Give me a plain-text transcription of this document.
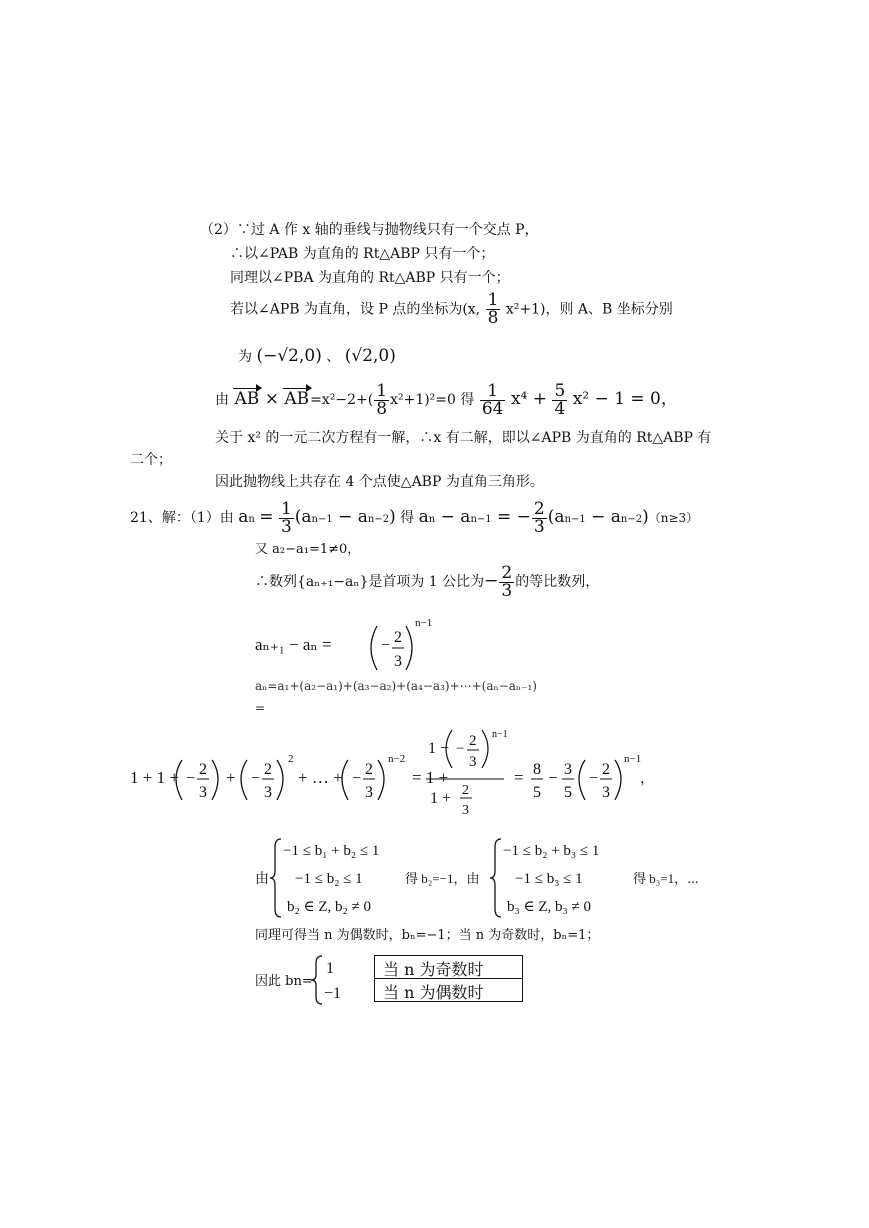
（2）∵过 A 作 x 轴的垂线与抛物线只有一个交点 P，
∴以∠PAB 为直角的 Rt△ABP 只有一个；
同理以∠PBA 为直角的 Rt△ABP 只有一个；
若以∠APB 为直角，设 P 点的坐标为(x, $\frac{1}{8} x^2+1$)，则 A、B 坐标分别
为 (−√2,0) 、 (√2,0)
由 AB × $AB=x^2-2+( \frac{1}{8} x^2+1)^2=0$ 得 $\frac{1}{64} x^4 + \frac{5}{4} x^2 - 1 = 0$，
关于 x² 的一元二次方程有一解，∴x 有二解，即以∠APB 为直角的 Rt△ABP 有
二个；
因此抛物线上共存在 4 个点使△ABP 为直角三角形。
21、解：（1）由 an = $\frac{1}{3} (an-1 - an-2)$ 得 an − an−1 = − $\frac{2}{3} (an-1 - an-2)(n\ge 3)$
又 a₂−a₁=1≠0，
∴数列{aₙ₊₁−aₙ}是首项为 1 公比为− $\frac{2}{3}$ 的等比数列，
aₙ₊₁ − aₙ =	− 2
3
n−1
aₙ=a₁+(a₂−a₁)+(a₃−a₂)+(a₄−a₃)+⋯+(aₙ−aₙ₋₁)
=
1 + 1 + −
2
3
+ −
2
3
2
+ … + −
2
3
n−2
= 1 +
1 − − 2
3
n−1
1 + 2
3
= 8
5
− 3
5
−
2
3
n−1
，
由
−1 ≤ b₁ + b₂ ≤ 1
−1 ≤ b₂ ≤ 1
b₂ ∈ Z, b₂ ≠ 0
得 b₂=−1，由
−1 ≤ b₂ + b₃ ≤ 1
−1 ≤ b₃ ≤ 1
b₃ ∈ Z, b₃ ≠ 0
得 b₃=1，⋯
同理可得当 n 为偶数时，bₙ=−1；当 n 为奇数时，bₙ=1；
因此 bn=
1
−1
当 n 为奇数时
当 n 为偶数时
